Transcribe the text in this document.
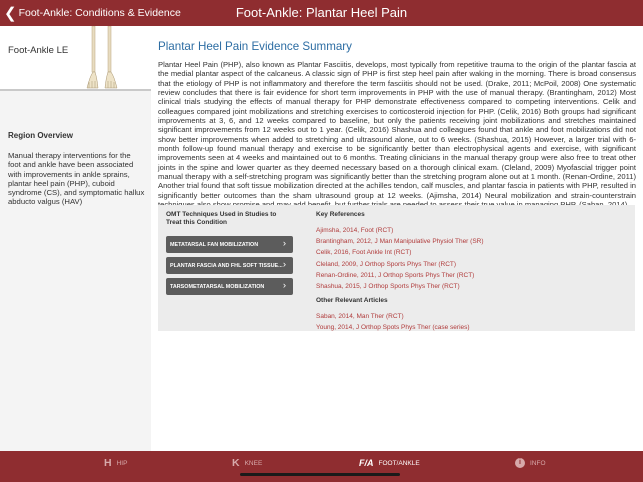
❮ Foot-Ankle: Conditions & Evidence	Foot-Ankle: Plantar Heel Pain
Foot-Ankle LE
Region Overview
Manual therapy interventions for the foot and ankle have been associated with improvements in ankle sprains, plantar heel pain (PHP), cuboid syndrome (CS), and symptomatic hallux abducto valgus (HAV)
Plantar Heel Pain Evidence Summary
Plantar Heel Pain (PHP), also known as Plantar Fasciitis, develops, most typically from repetitive trauma to the origin of the plantar fascia at the medial plantar aspect of the calcaneus. A classic sign of PHP is first step heel pain after waking in the morning. There is broad consensus that the etiology of PHP is not inflammatory and therefore the term fasciitis should not be used. (Drake, 2011; McPoil, 2008) One systematic review concludes that there is fair evidence for short term improvements in PHP with the use of manual therapy. (Brantingham, 2012) Most clinical trials studying the effects of manual therapy for PHP demonstrate effectiveness compared to competing interventions. Celik and colleagues compared joint mobilizations and stretching exercises to corticosteroid injection for PHP. (Celik, 2016) Both groups had significant improvements at 3, 6, and 12 weeks compared to baseline, but only the patients receiving joint mobilizations and stretches maintained significant improvements from 12 weeks out to 1 year. (Celik, 2016) Shashua and colleagues found that ankle and foot mobilizations did not show better improvements when added to stretching and ultrasound alone, out to 6 weeks. (Shashua, 2015) However, a larger trial with 6-month follow-up found manual therapy and exercise to be significantly better than electrophysical agents and exercise, with significant improvements seen at 4 weeks and maintained out to 6 months. Treating clinicians in the manual therapy group were also free to treat other joints in the spine and lower quarter as they deemed necessary based on a thorough clinical exam. (Cleland, 2009) Myofascial trigger point manual therapy with a self-stretching program was significantly better than the stretching program alone out at 1 month. (Renan-Ordine, 2011) Another trial found that soft tissue mobilization directed at the achilles tendon, calf muscles, and plantar fascia in patients with PHP, resulted in significantly better outcomes than the sham ultrasound group at 12 weeks. (Ajimsha, 2014) Neural mobilization and strain-counterstrain
OMT Techniques Used in Studies to Treat this Condition
METATARSAL FAN MOBILIZATION	›
PLANTAR FASCIA AND FHL SOFT TISSUE... ›
TARSOMETATARSAL MOBILIZATION ›
Key References
Ajimsha, 2014, Foot (RCT)
Brantingham, 2012, J Man Manipulative Physiol Ther (SR)
Celik, 2016, Foot Ankle Int (RCT)
Cleland, 2009, J Orthop Sports Phys Ther (RCT)
Renan-Ordine, 2011, J Orthop Sports Phys Ther (RCT)
Shashua, 2015, J Orthop Sports Phys Ther (RCT)
Other Relevant Articles
Saban, 2014, Man Ther (RCT)
Young, 2014, J Orthop Spots Phys Ther (case series)
H HIP	K KNEE	F/A FOOT/ANKLE	i	INFO
